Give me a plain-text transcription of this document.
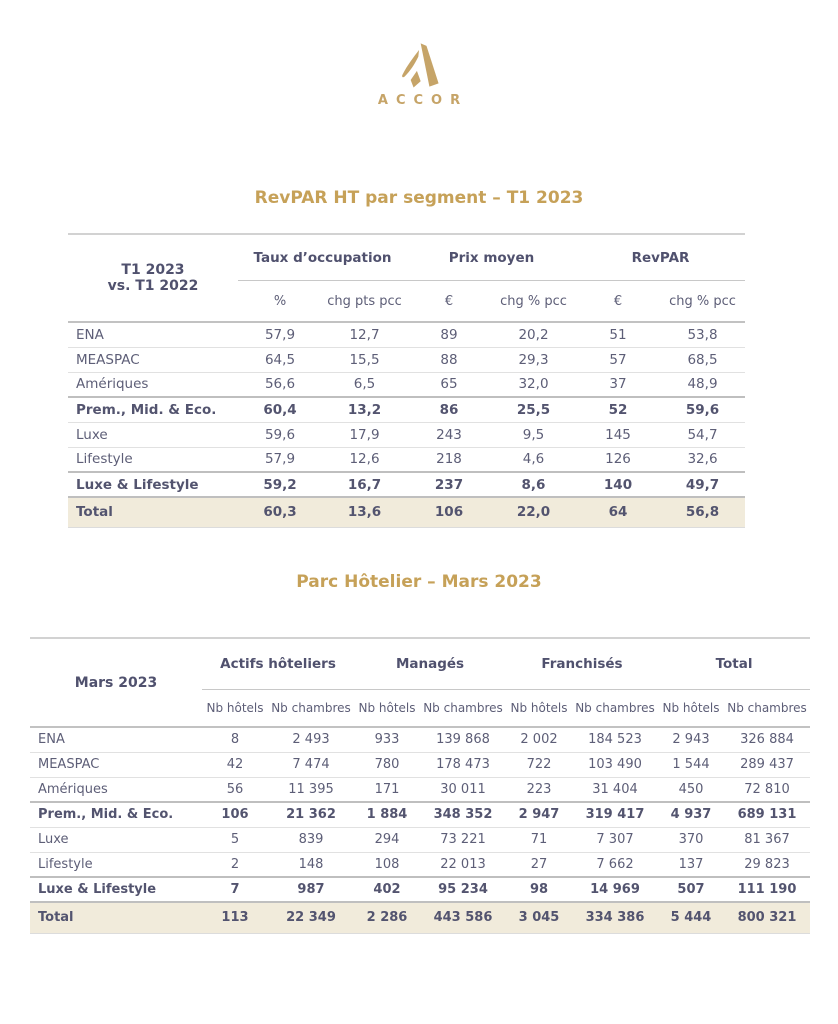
ACCOR
RevPAR HT par segment – T1 2023
T1 2023
vs. T1 2022	Taux d’occupation		Prix moyen		RevPAR	
	%	chg pts pcc	€	chg % pcc	€	chg % pcc
ENA	57,9	12,7	89	20,2	51	53,8
MEASPAC	64,5	15,5	88	29,3	57	68,5
Amériques	56,6	6,5	65	32,0	37	48,9
Prem., Mid. & Eco.	60,4	13,2	86	25,5	52	59,6
Luxe	59,6	17,9	243	9,5	145	54,7
Lifestyle	57,9	12,6	218	4,6	126	32,6
Luxe & Lifestyle	59,2	16,7	237	8,6	140	49,7
Total	60,3	13,6	106	22,0	64	56,8
Parc Hôtelier – Mars 2023
Mars 2023	Actifs hôteliers		Managés		Franchisés		Total	
	Nb hôtels	Nb chambres	Nb hôtels	Nb chambres	Nb hôtels	Nb chambres	Nb hôtels	Nb chambres
ENA	8	2 493	933	139 868	2 002	184 523	2 943	326 884
MEASPAC	42	7 474	780	178 473	722	103 490	1 544	289 437
Amériques	56	11 395	171	30 011	223	31 404	450	72 810
Prem., Mid. & Eco.	106	21 362	1 884	348 352	2 947	319 417	4 937	689 131
Luxe	5	839	294	73 221	71	7 307	370	81 367
Lifestyle	2	148	108	22 013	27	7 662	137	29 823
Luxe & Lifestyle	7	987	402	95 234	98	14 969	507	111 190
Total	113	22 349	2 286	443 586	3 045	334 386	5 444	800 321
